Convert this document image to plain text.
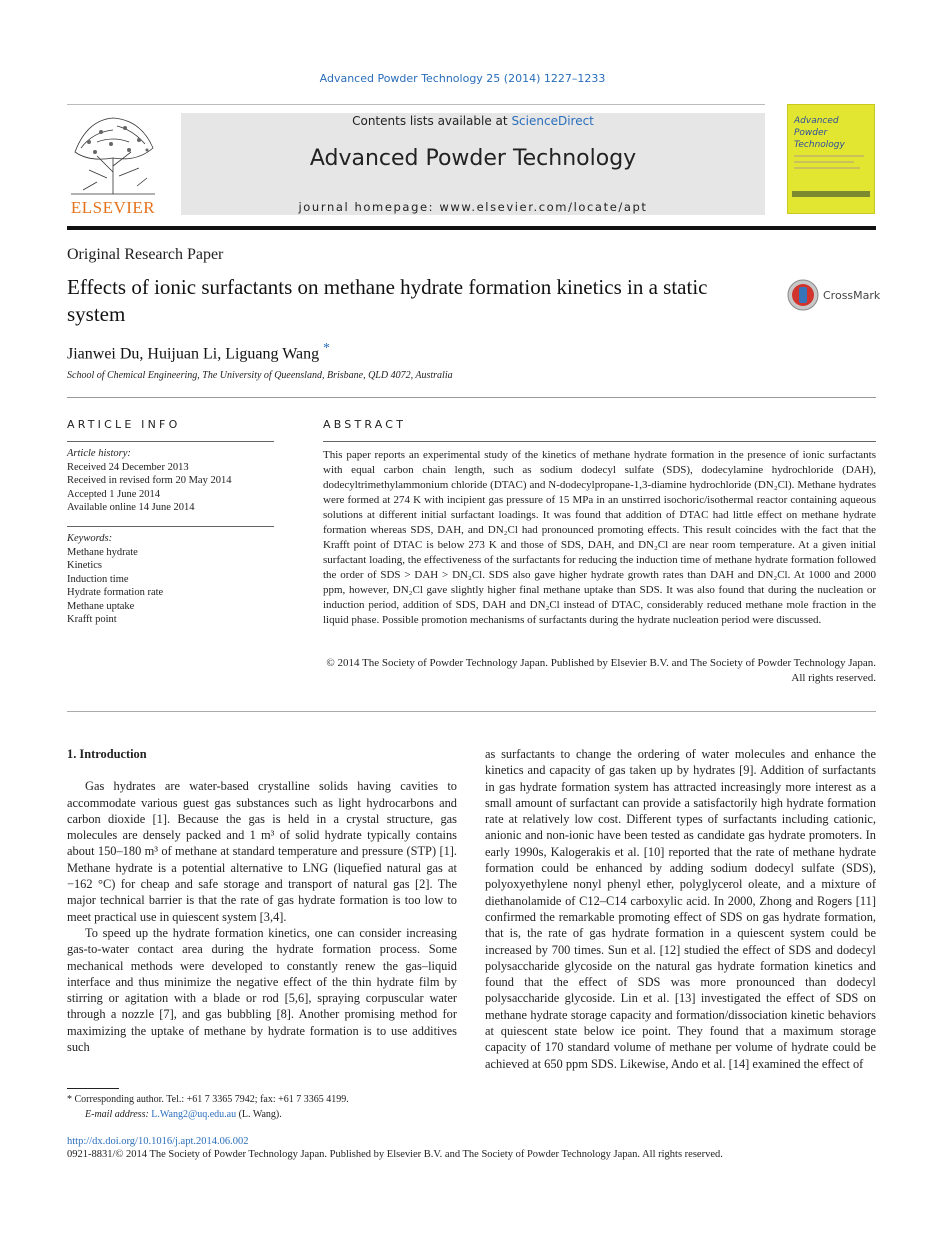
Advanced Powder Technology 25 (2014) 1227–1233
ELSEVIER
Contents lists available at ScienceDirect
Advanced Powder Technology
journal homepage: www.elsevier.com/locate/apt
Advanced Powder Technology
Original Research Paper
Effects of ionic surfactants on methane hydrate formation kinetics in a static system
CrossMark
Jianwei Du, Huijuan Li, Liguang Wang *
School of Chemical Engineering, The University of Queensland, Brisbane, QLD 4072, Australia
ARTICLE INFO	ABSTRACT
Article history:
Received 24 December 2013
Received in revised form 20 May 2014
Accepted 1 June 2014
Available online 14 June 2014
Keywords:
Methane hydrate
Kinetics
Induction time
Hydrate formation rate
Methane uptake
Krafft point
This paper reports an experimental study of the kinetics of methane hydrate formation in the presence of ionic surfactants with equal carbon chain length, such as sodium dodecyl sulfate (SDS), dodecylamine hydrochloride (DAH), dodecyltrimethylammonium chloride (DTAC) and N-dodecylpropane-1,3-diamine hydrochloride (DN₂Cl). Methane hydrates were formed at 274 K with incipient gas pressure of 15 MPa in an unstirred isochoric/isothermal reactor containing aqueous solutions at different initial surfactant loadings. It was found that addition of DTAC had little effect on methane hydrate formation whereas SDS, DAH, and DN₂Cl had pronounced promoting effects. This result coincides with the fact that the Krafft point of DTAC is below 273 K and those of SDS, DAH, and DN₂Cl are near room temperature. At a given initial surfactant loading, the effectiveness of the surfactants for reducing the induction time of methane hydrate formation followed the order of SDS > DAH > DN₂Cl. SDS also gave higher hydrate growth rates than DAH and DN₂Cl. At 1000 and 2000 ppm, however, DN₂Cl gave slightly higher final methane uptake than SDS. It was also found that during the nucleation or induction period, addition of SDS, DAH and DN₂Cl instead of DTAC, considerably reduced methane mole fraction in the liquid phase. Possible promotion mechanisms of surfactants during the hydrate nucleation period were discussed.
© 2014 The Society of Powder Technology Japan. Published by Elsevier B.V. and The Society of Powder Technology Japan. All rights reserved.

1. Introduction

Gas hydrates are water-based crystalline solids having cavities to accommodate various guest gas substances such as light hydrocarbons and carbon dioxide [1]. Because the gas is held in a crystal structure, gas molecules are densely packed and 1 m³ of solid hydrate typically contains about 150–180 m³ of methane at standard temperature and pressure (STP) [1]. Methane hydrate is a potential alternative to LNG (liquefied natural gas at −162 °C) for cheap and safe storage and transport of natural gas [2]. The major technical barrier is that the rate of gas hydrate formation is too low to meet practical use in quiescent system [3,4].

To speed up the hydrate formation kinetics, one can consider increasing gas-to-water contact area during the hydrate formation process. Some mechanical methods were developed to constantly renew the gas–liquid interface and thus minimize the negative effect of the thin hydrate film by stirring or agitation with a blade or rod [5,6], spraying corpuscular water through a nozzle [7], and gas bubbling [8]. Another promising method for maximizing the uptake of methane by hydrate formation is to use additives such

as surfactants to change the ordering of water molecules and enhance the kinetics and capacity of gas taken up by hydrates [9]. Addition of surfactants in gas hydrate formation system has attracted increasingly more interest as a small amount of surfactant can provide a satisfactorily high hydrate formation rate at relatively low cost. Different types of surfactants including cationic, anionic and non-ionic have been tested as candidate gas hydrate promoters. In early 1990s, Kalogerakis et al. [10] reported that the rate of methane hydrate formation could be enhanced by adding sodium dodecyl sulfate (SDS), polyoxyethylene nonyl phenyl ether, polyglycerol oleate, and a mixture of diethanolamide of C12–C14 carboxylic acid. In 2000, Zhong and Rogers [11] confirmed the remarkable promoting effect of SDS on gas hydrate formation, that is, the rate of gas hydrate formation in a quiescent system could be increased by 700 times. Sun et al. [12] studied the effect of SDS and dodecyl polysaccharide glycoside on the natural gas hydrate formation kinetics and found that the effect of SDS was more pronounced than dodecyl polysaccharide glycoside. Lin et al. [13] investigated the effect of SDS on methane hydrate storage capacity and formation/dissociation kinetic behaviors at quiescent state below ice point. They found that a maximum storage capacity of 170 standard volume of methane per volume of hydrate could be achieved at 650 ppm SDS. Likewise, Ando et al. [14] examined the effect of

* Corresponding author. Tel.: +61 7 3365 7942; fax: +61 7 3365 4199.
E-mail address: L.Wang2@uq.edu.au (L. Wang).
http://dx.doi.org/10.1016/j.apt.2014.06.002
0921-8831/© 2014 The Society of Powder Technology Japan. Published by Elsevier B.V. and The Society of Powder Technology Japan. All rights reserved.
